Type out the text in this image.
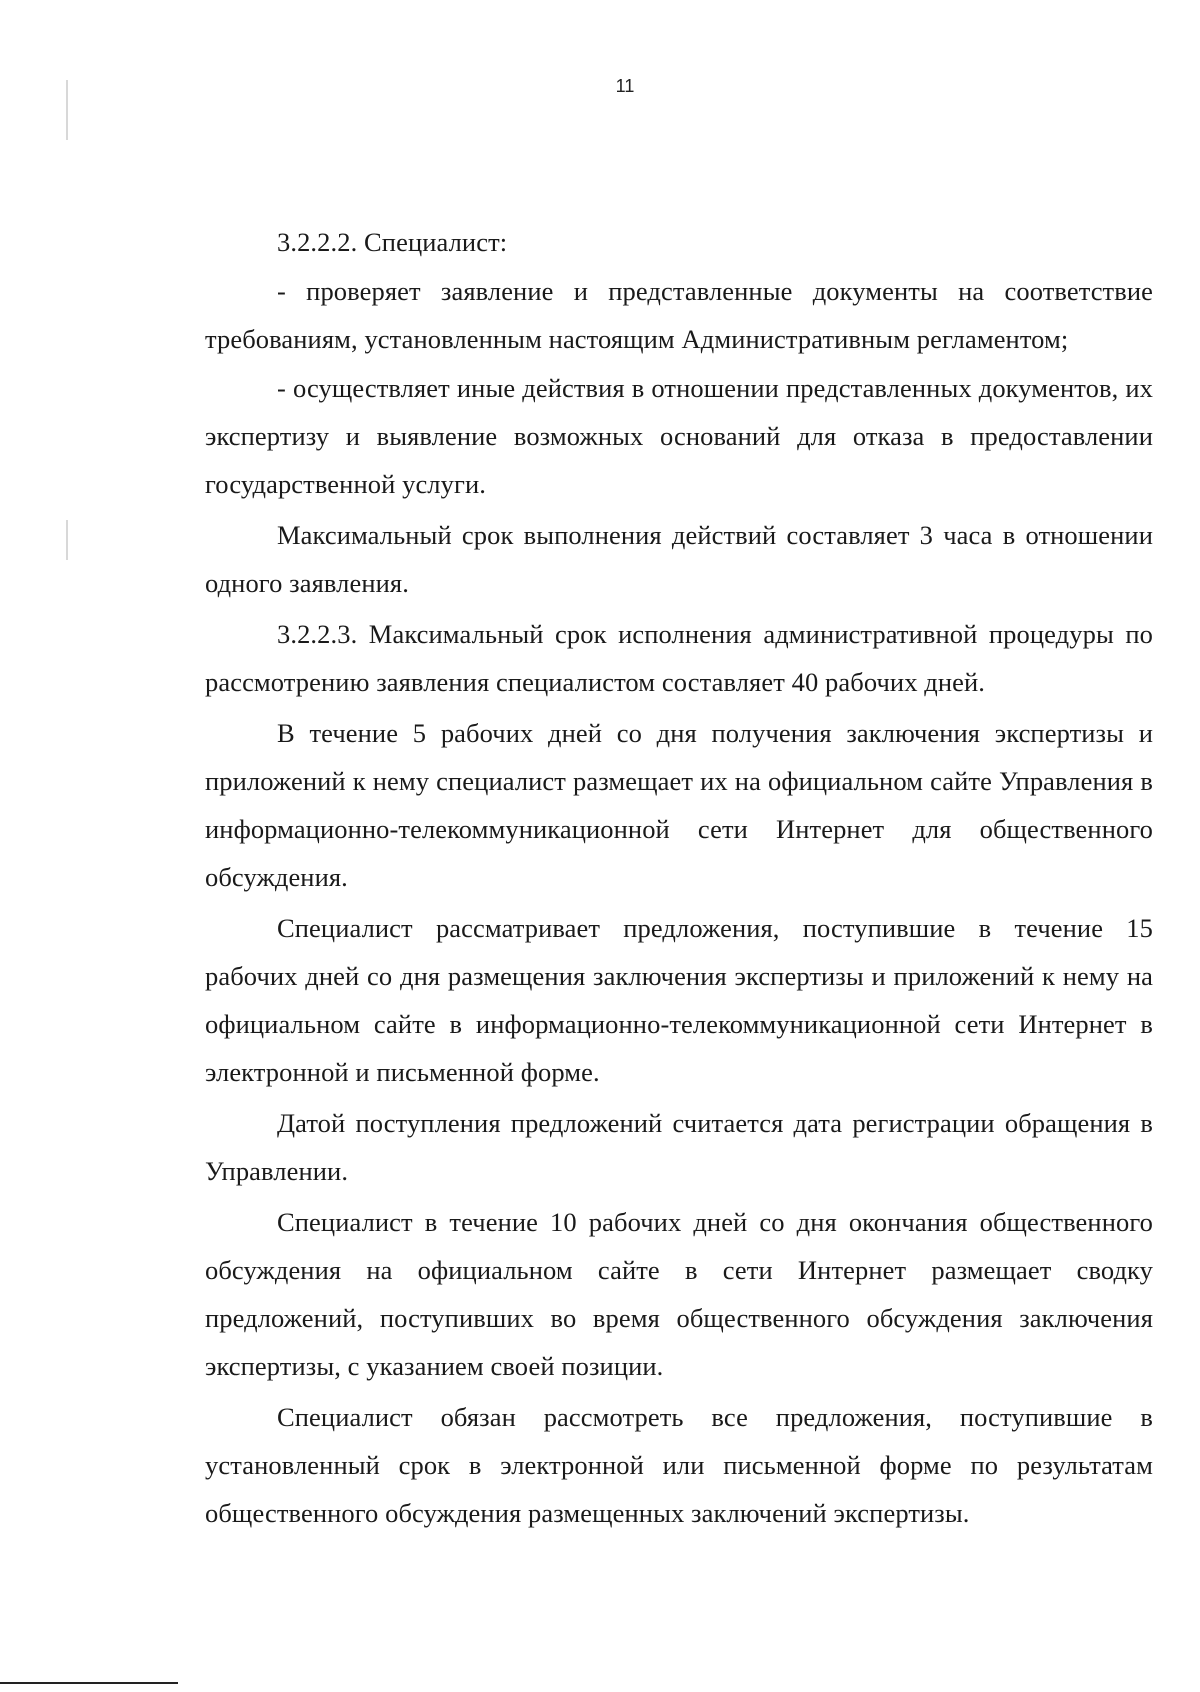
11

3.2.2.2. Специалист:

- проверяет заявление и представленные документы на соответствие требованиям, установленным настоящим Административным регламентом;

- осуществляет иные действия в отношении представленных документов, их экспертизу и выявление возможных оснований для отказа в предоставлении государственной услуги.

Максимальный срок выполнения действий составляет 3 часа в отношении одного заявления.

3.2.2.3. Максимальный срок исполнения административной процедуры по рассмотрению заявления специалистом составляет 40 рабочих дней.

В течение 5 рабочих дней со дня получения заключения экспертизы и приложений к нему специалист размещает их на официальном сайте Управления в информационно-телекоммуникационной сети Интернет для общественного обсуждения.

Специалист рассматривает предложения, поступившие в течение 15 рабочих дней со дня размещения заключения экспертизы и приложений к нему на официальном сайте в информационно-телекоммуникационной сети Интернет в электронной и письменной форме.

Датой поступления предложений считается дата регистрации обращения в Управлении.

Специалист в течение 10 рабочих дней со дня окончания общественного обсуждения на официальном сайте в сети Интернет размещает сводку предложений, поступивших во время общественного обсуждения заключения экспертизы, с указанием своей позиции.

Специалист обязан рассмотреть все предложения, поступившие в установленный срок в электронной или письменной форме по результатам общественного обсуждения размещенных заключений экспертизы.
